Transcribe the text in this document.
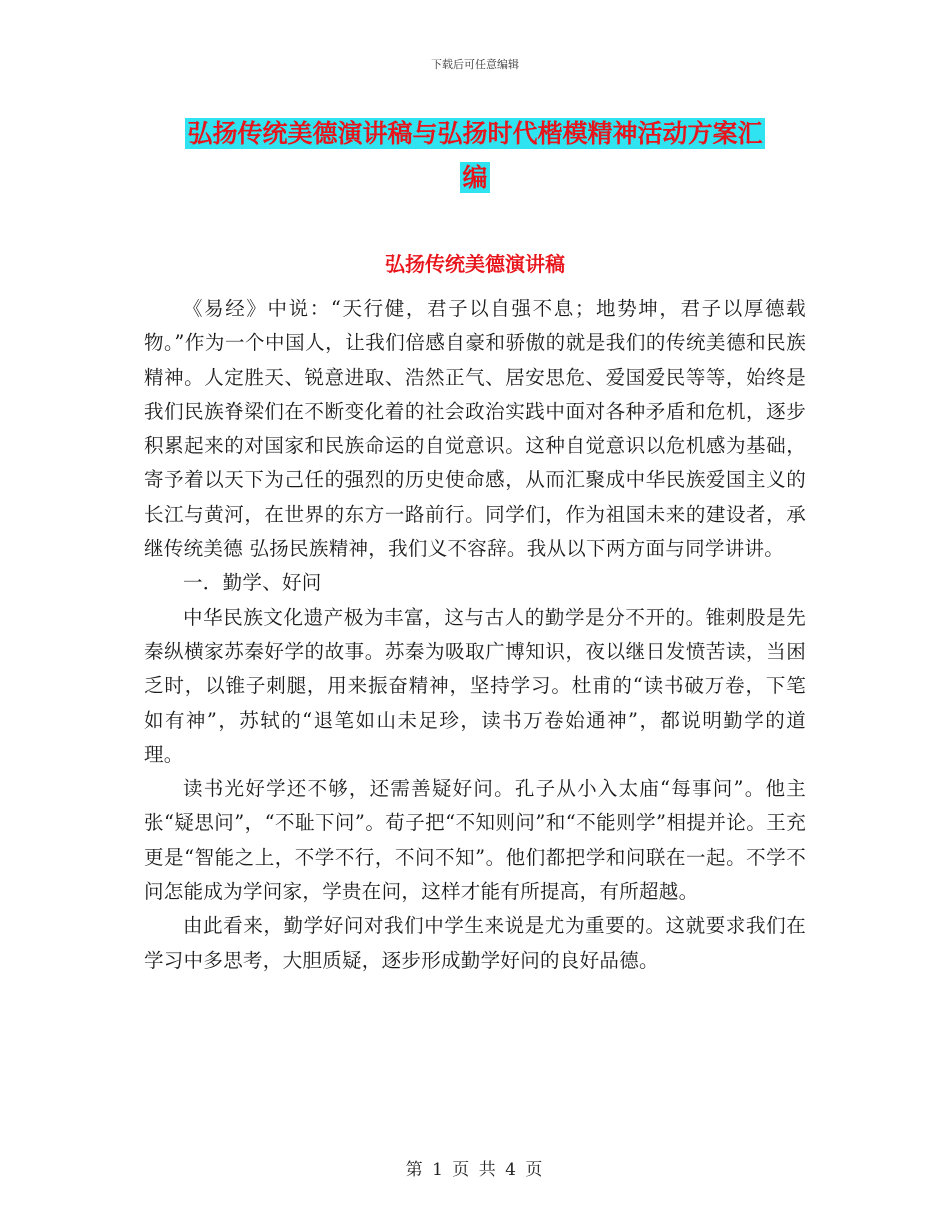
下载后可任意编辑
弘扬传统美德演讲稿与弘扬时代楷模精神活动方案汇
编
弘扬传统美德演讲稿

《易经》中说：“天行健，君子以自强不息；地势坤，君子以厚德载物。”作为一个中国人，让我们倍感自豪和骄傲的就是我们的传统美德和民族精神。人定胜天、锐意进取、浩然正气、居安思危、爱国爱民等等，始终是我们民族脊梁们在不断变化着的社会政治实践中面对各种矛盾和危机，逐步积累起来的对国家和民族命运的自觉意识。这种自觉意识以危机感为基础，寄予着以天下为己任的强烈的历史使命感，从而汇聚成中华民族爱国主义的长江与黄河，在世界的东方一路前行。同学们，作为祖国未来的建设者，承继传统美德 弘扬民族精神，我们义不容辞。我从以下两方面与同学讲讲。

一．勤学、好问

中华民族文化遗产极为丰富，这与古人的勤学是分不开的。锥刺股是先秦纵横家苏秦好学的故事。苏秦为吸取广博知识，夜以继日发愤苦读，当困乏时，以锥子刺腿，用来振奋精神，坚持学习。杜甫的“读书破万卷，下笔如有神”，苏轼的“退笔如山未足珍，读书万卷始通神”，都说明勤学的道理。

读书光好学还不够，还需善疑好问。孔子从小入太庙“每事问”。他主张“疑思问”，“不耻下问”。荀子把“不知则问”和“不能则学”相提并论。王充更是“智能之上，不学不行，不问不知”。他们都把学和问联在一起。不学不问怎能成为学问家，学贵在问，这样才能有所提高，有所超越。

由此看来，勤学好问对我们中学生来说是尤为重要的。这就要求我们在学习中多思考，大胆质疑，逐步形成勤学好问的良好品德。

第 1 页 共 4 页
